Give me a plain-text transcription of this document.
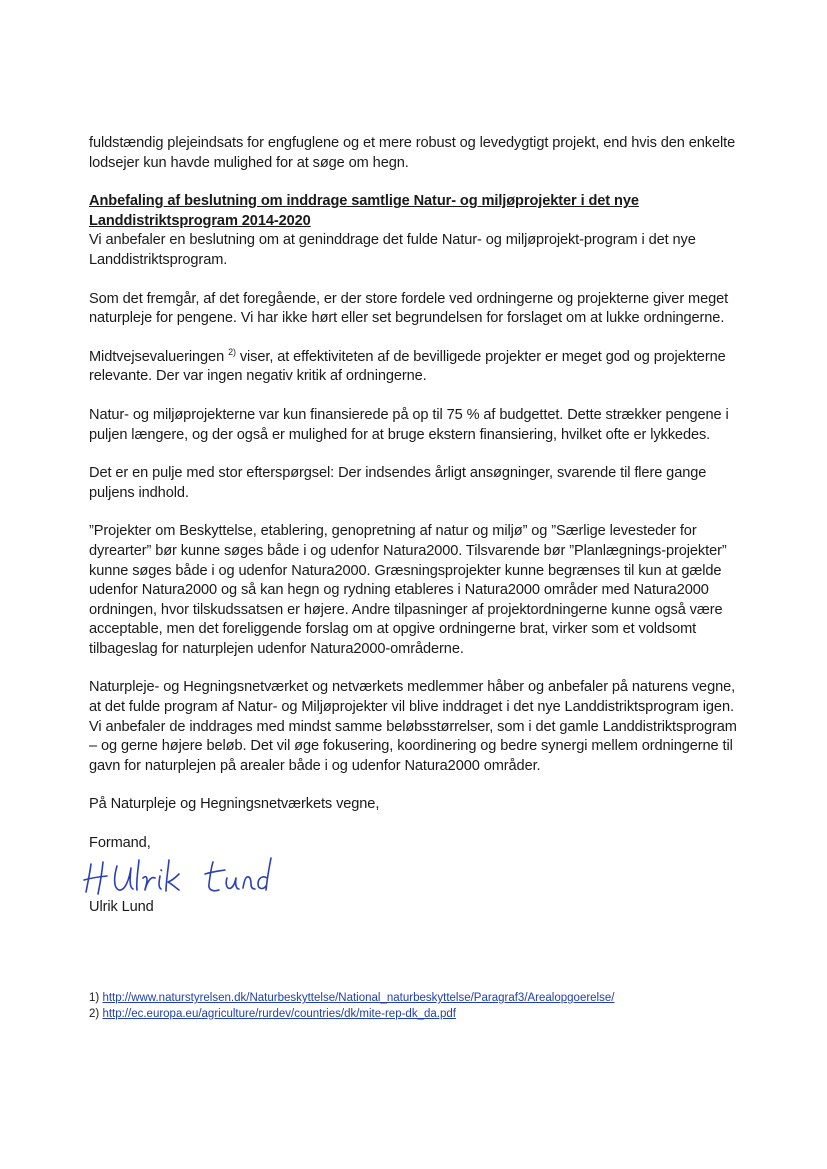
fuldstændig plejeindsats for engfuglene og et mere robust og levedygtigt projekt, end hvis den enkelte lodsejer kun havde mulighed for at søge om hegn.

Anbefaling af beslutning om inddrage samtlige Natur- og miljøprojekter i det nye Landdistriktsprogram 2014-2020
Vi anbefaler en beslutning om at geninddrage det fulde Natur- og miljøprojekt-program i det nye Landdistriktsprogram.

Som det fremgår, af det foregående, er der store fordele ved ordningerne og projekterne giver meget naturpleje for pengene. Vi har ikke hørt eller set begrundelsen for forslaget om at lukke ordningerne.

Midtvejsevalueringen $^{2)}$ viser, at effektiviteten af de bevilligede projekter er meget god og projekterne relevante. Der var ingen negativ kritik af ordningerne.

Natur- og miljøprojekterne var kun finansierede på op til 75 % af budgettet. Dette strækker pengene i puljen længere, og der også er mulighed for at bruge ekstern finansiering, hvilket ofte er lykkedes.

Det er en pulje med stor efterspørgsel: Der indsendes årligt ansøgninger, svarende til flere gange puljens indhold.

”Projekter om Beskyttelse, etablering, genopretning af natur og miljø” og ”Særlige levesteder for dyrearter” bør kunne søges både i og udenfor Natura2000. Tilsvarende bør ”Planlægnings-projekter” kunne søges både i og udenfor Natura2000. Græsningsprojekter kunne begrænses til kun at gælde udenfor Natura2000 og så kan hegn og rydning etableres i Natura2000 områder med Natura2000 ordningen, hvor tilskudssatsen er højere. Andre tilpasninger af projektordningerne kunne også være acceptable, men det foreliggende forslag om at opgive ordningerne brat, virker som et voldsomt tilbageslag for naturplejen udenfor Natura2000-områderne.

Naturpleje- og Hegningsnetværket og netværkets medlemmer håber og anbefaler på naturens vegne, at det fulde program af Natur- og Miljøprojekter vil blive inddraget i det nye Landdistriktsprogram igen. Vi anbefaler de inddrages med mindst samme beløbsstørrelser, som i det gamle Landdistriktsprogram – og gerne højere beløb. Det vil øge fokusering, koordinering og bedre synergi mellem ordningerne til gavn for naturplejen på arealer både i og udenfor Natura2000 områder.

På Naturpleje og Hegningsnetværkets vegne,

Formand,
Ulrik Lund
1) http://www.naturstyrelsen.dk/Naturbeskyttelse/National_naturbeskyttelse/Paragraf3/Arealopgoerelse/
2) http://ec.europa.eu/agriculture/rurdev/countries/dk/mite-rep-dk_da.pdf
